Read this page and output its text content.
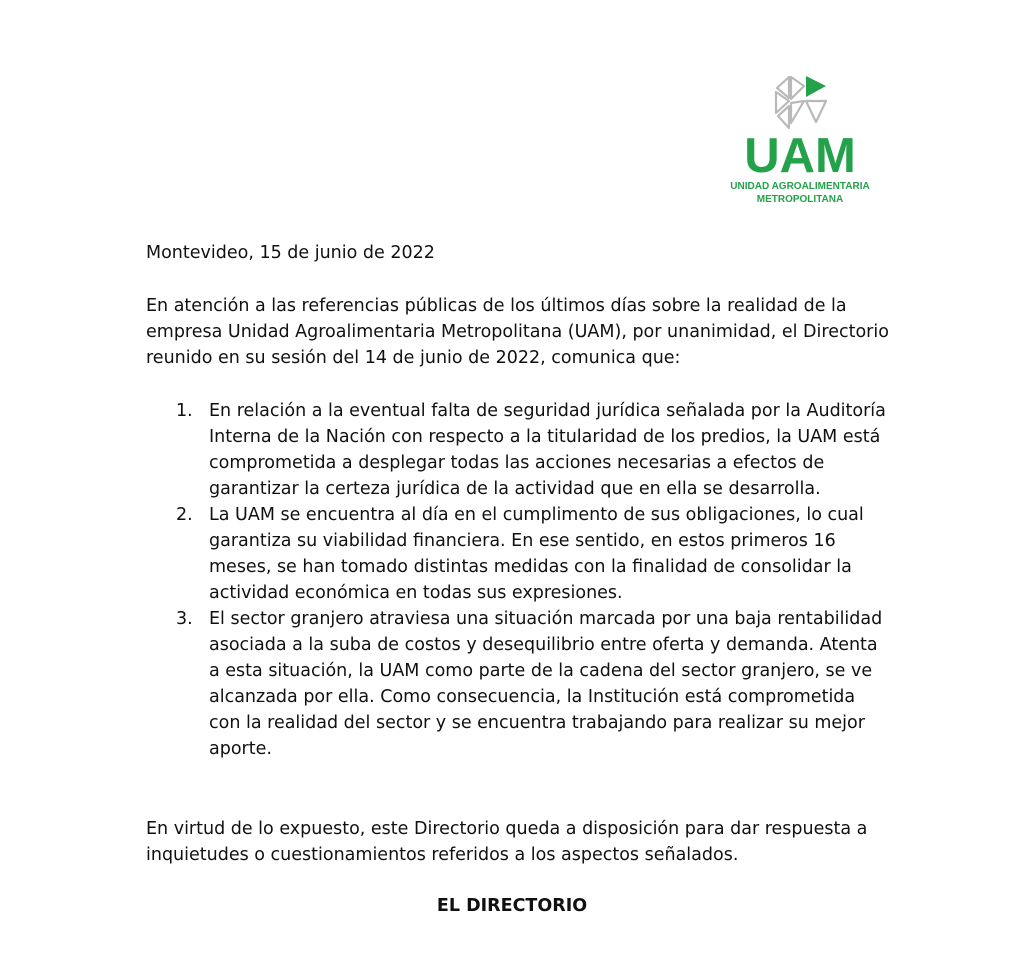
UAM
UNIDAD AGROALIMENTARIA
METROPOLITANA

Montevideo, 15 de junio de 2022

En atención a las referencias públicas de los últimos días sobre la realidad de la empresa Unidad Agroalimentaria Metropolitana (UAM), por unanimidad, el Directorio reunido en su sesión del 14 de junio de 2022, comunica que:

1. En relación a la eventual falta de seguridad jurídica señalada por la Auditoría Interna de la Nación con respecto a la titularidad de los predios, la UAM está comprometida a desplegar todas las acciones necesarias a efectos de garantizar la certeza jurídica de la actividad que en ella se desarrolla.
2. La UAM se encuentra al día en el cumplimento de sus obligaciones, lo cual garantiza su viabilidad financiera. En ese sentido, en estos primeros 16 meses, se han tomado distintas medidas con la finalidad de consolidar la actividad económica en todas sus expresiones.
3. El sector granjero atraviesa una situación marcada por una baja rentabilidad asociada a la suba de costos y desequilibrio entre oferta y demanda. Atenta a esta situación, la UAM como parte de la cadena del sector granjero, se ve alcanzada por ella. Como consecuencia, la Institución está comprometida con la realidad del sector y se encuentra trabajando para realizar su mejor aporte.

En virtud de lo expuesto, este Directorio queda a disposición para dar respuesta a inquietudes o cuestionamientos referidos a los aspectos señalados.

EL DIRECTORIO
